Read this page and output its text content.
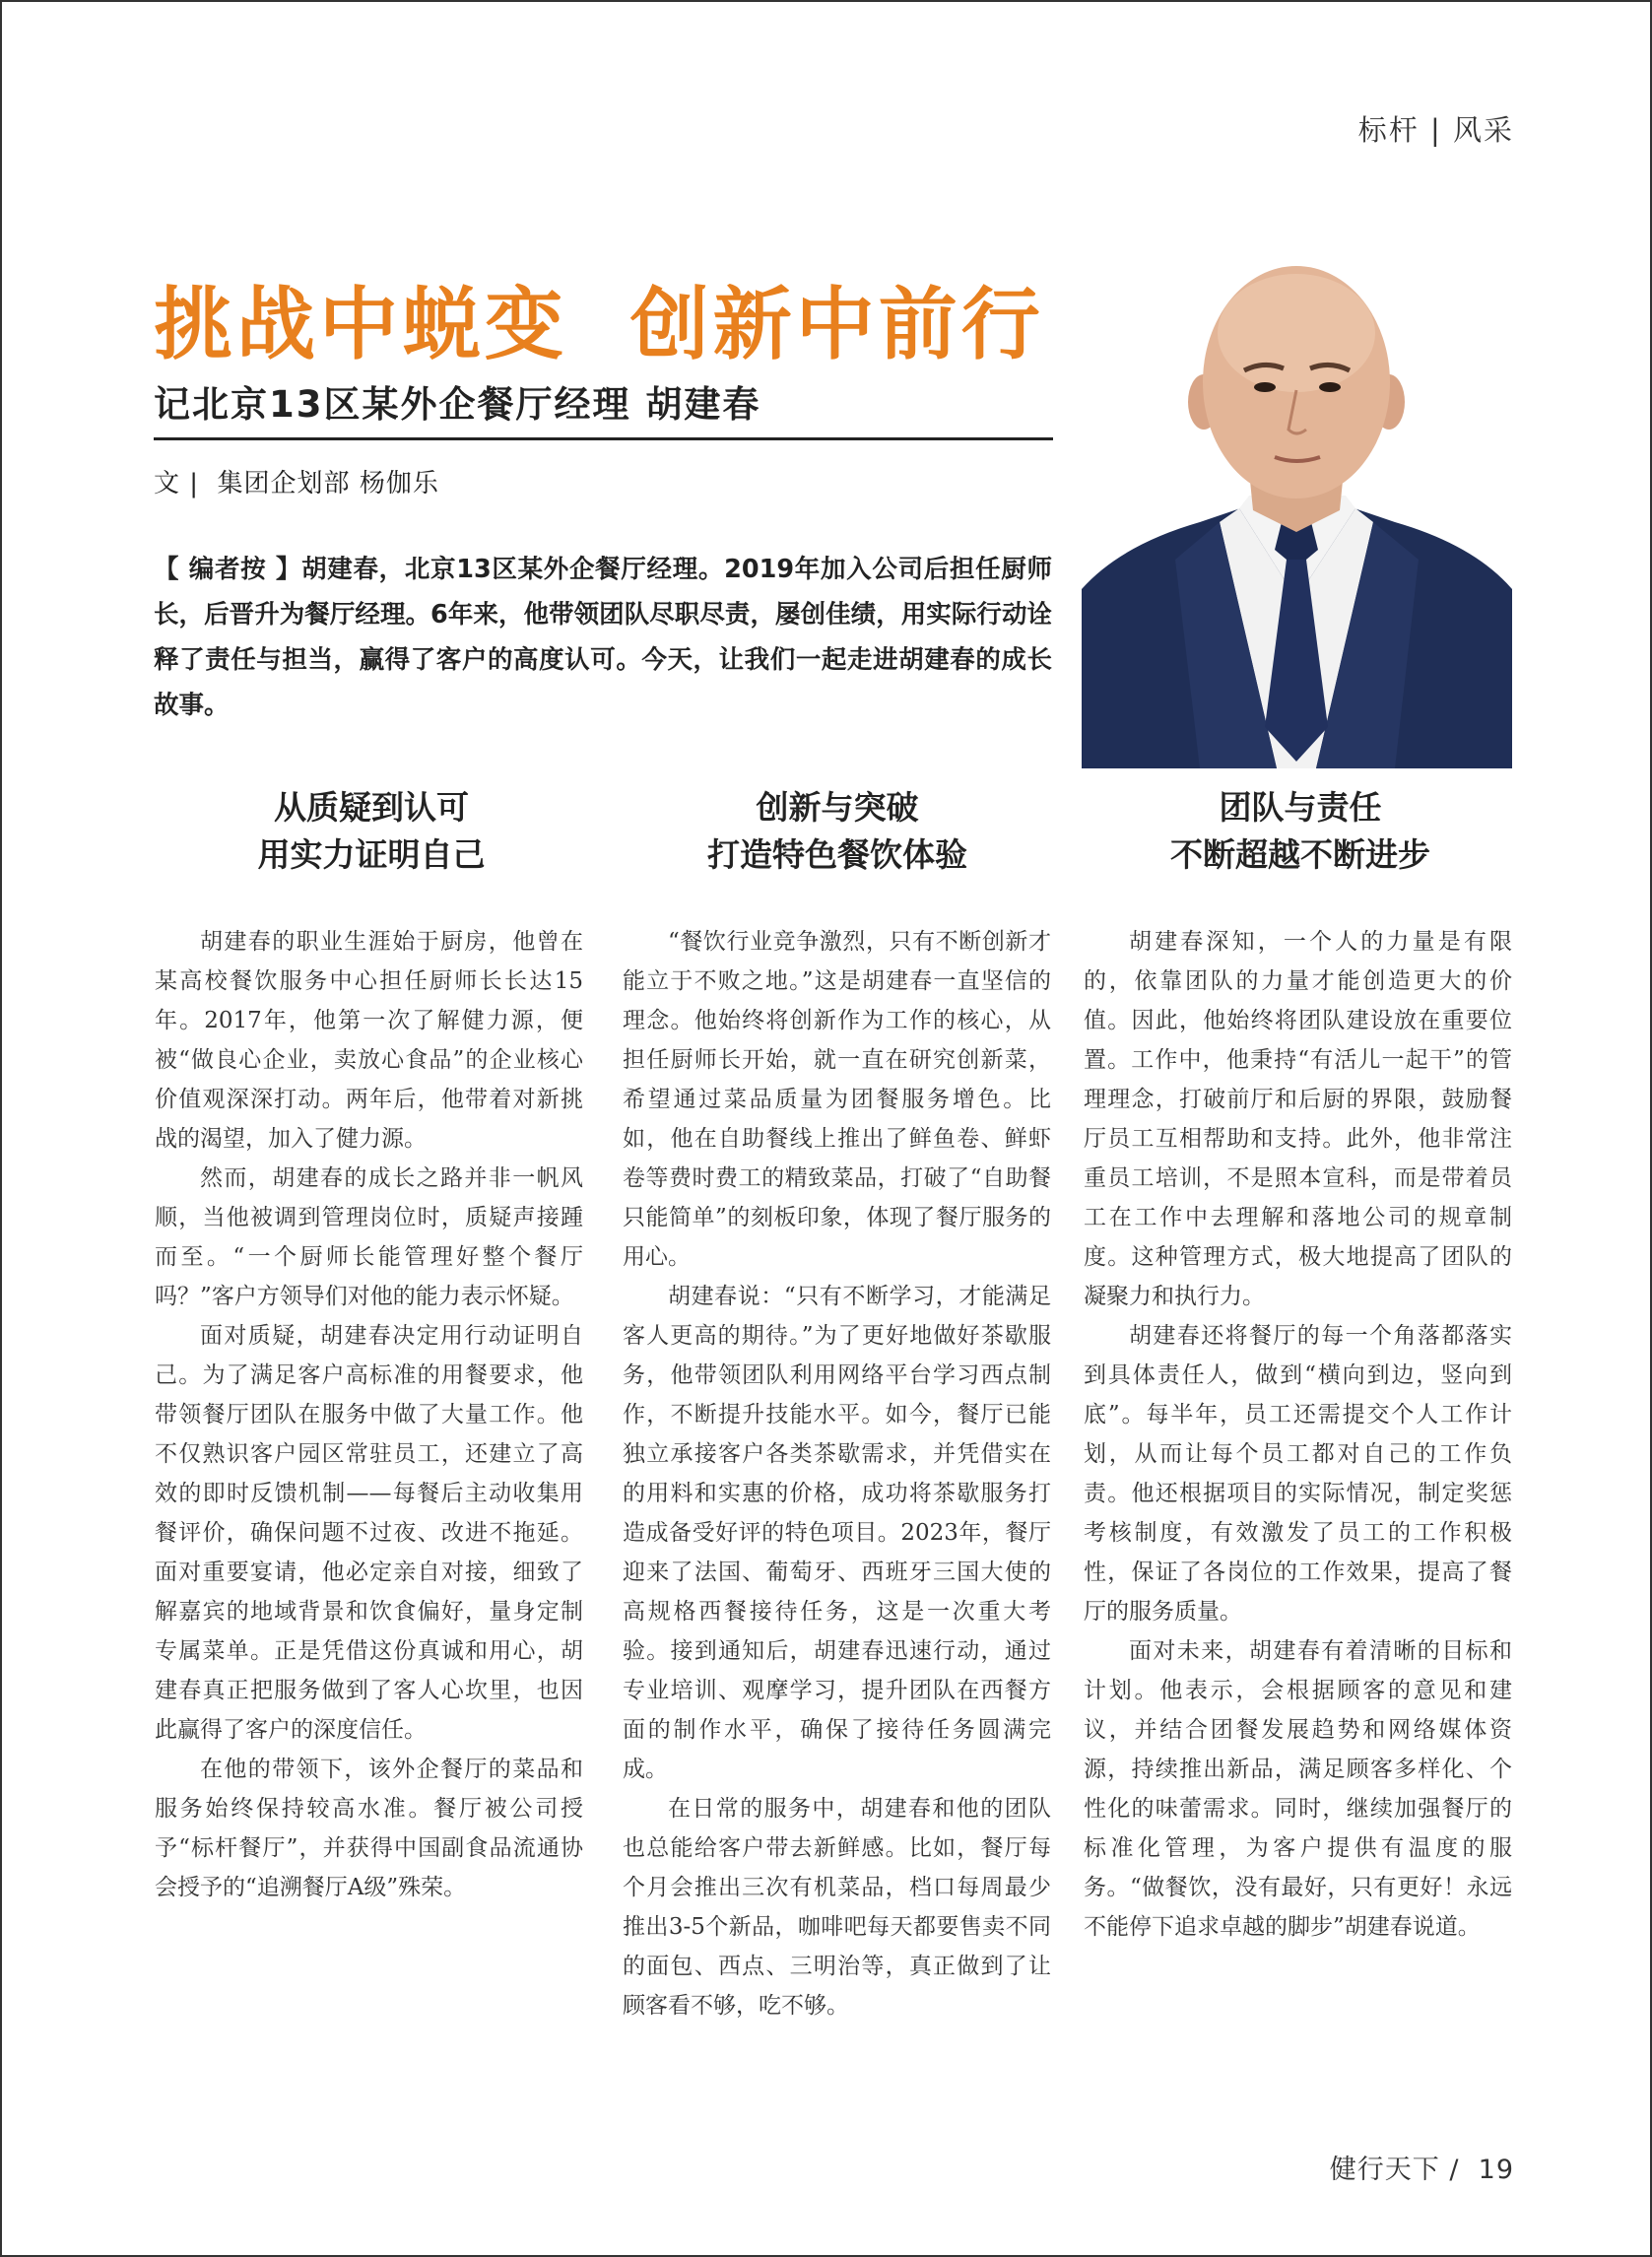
标杆 | 风采
挑战中蜕变  创新中前行
记北京13区某外企餐厅经理 胡建春
文 |  集团企划部 杨伽乐

【 编者按 】胡建春，北京13区某外企餐厅经理。2019年加入公司后担任厨师长，后晋升为餐厅经理。6年来，他带领团队尽职尽责，屡创佳绩，用实际行动诠释了责任与担当，赢得了客户的高度认可。今天，让我们一起走进胡建春的成长故事。

从质疑到认可
用实力证明自己
创新与突破
打造特色餐饮体验
团队与责任
不断超越不断进步

胡建春的职业生涯始于厨房，他曾在某高校餐饮服务中心担任厨师长长达15年。2017年，他第一次了解健力源，便被“做良心企业，卖放心食品”的企业核心价值观深深打动。两年后，他带着对新挑战的渴望，加入了健力源。

然而，胡建春的成长之路并非一帆风顺，当他被调到管理岗位时，质疑声接踵而至。“一个厨师长能管理好整个餐厅吗？”客户方领导们对他的能力表示怀疑。

面对质疑，胡建春决定用行动证明自己。为了满足客户高标准的用餐要求，他带领餐厅团队在服务中做了大量工作。他不仅熟识客户园区常驻员工，还建立了高效的即时反馈机制——每餐后主动收集用餐评价，确保问题不过夜、改进不拖延。面对重要宴请，他必定亲自对接，细致了解嘉宾的地域背景和饮食偏好，量身定制专属菜单。正是凭借这份真诚和用心，胡建春真正把服务做到了客人心坎里，也因此赢得了客户的深度信任。

在他的带领下，该外企餐厅的菜品和服务始终保持较高水准。餐厅被公司授予“标杆餐厅”，并获得中国副食品流通协会授予的“追溯餐厅A级”殊荣。

“餐饮行业竞争激烈，只有不断创新才能立于不败之地。”这是胡建春一直坚信的理念。他始终将创新作为工作的核心，从担任厨师长开始，就一直在研究创新菜，希望通过菜品质量为团餐服务增色。比如，他在自助餐线上推出了鲜鱼卷、鲜虾卷等费时费工的精致菜品，打破了“自助餐只能简单”的刻板印象，体现了餐厅服务的用心。

胡建春说：“只有不断学习，才能满足客人更高的期待。”为了更好地做好茶歇服务，他带领团队利用网络平台学习西点制作，不断提升技能水平。如今，餐厅已能独立承接客户各类茶歇需求，并凭借实在的用料和实惠的价格，成功将茶歇服务打造成备受好评的特色项目。2023年，餐厅迎来了法国、葡萄牙、西班牙三国大使的高规格西餐接待任务，这是一次重大考验。接到通知后，胡建春迅速行动，通过专业培训、观摩学习，提升团队在西餐方面的制作水平，确保了接待任务圆满完成。

在日常的服务中，胡建春和他的团队也总能给客户带去新鲜感。比如，餐厅每个月会推出三次有机菜品，档口每周最少推出3-5个新品，咖啡吧每天都要售卖不同的面包、西点、三明治等，真正做到了让顾客看不够，吃不够。

胡建春深知，一个人的力量是有限的，依靠团队的力量才能创造更大的价值。因此，他始终将团队建设放在重要位置。工作中，他秉持“有活儿一起干”的管理理念，打破前厅和后厨的界限，鼓励餐厅员工互相帮助和支持。此外，他非常注重员工培训，不是照本宣科，而是带着员工在工作中去理解和落地公司的规章制度。这种管理方式，极大地提高了团队的凝聚力和执行力。

胡建春还将餐厅的每一个角落都落实到具体责任人，做到“横向到边，竖向到底”。每半年，员工还需提交个人工作计划，从而让每个员工都对自己的工作负责。他还根据项目的实际情况，制定奖惩考核制度，有效激发了员工的工作积极性，保证了各岗位的工作效果，提高了餐厅的服务质量。

面对未来，胡建春有着清晰的目标和计划。他表示，会根据顾客的意见和建议，并结合团餐发展趋势和网络媒体资源，持续推出新品，满足顾客多样化、个性化的味蕾需求。同时，继续加强餐厅的标准化管理，为客户提供有温度的服务。“做餐饮，没有最好，只有更好！永远不能停下追求卓越的脚步”胡建春说道。

健行天下 /  19
